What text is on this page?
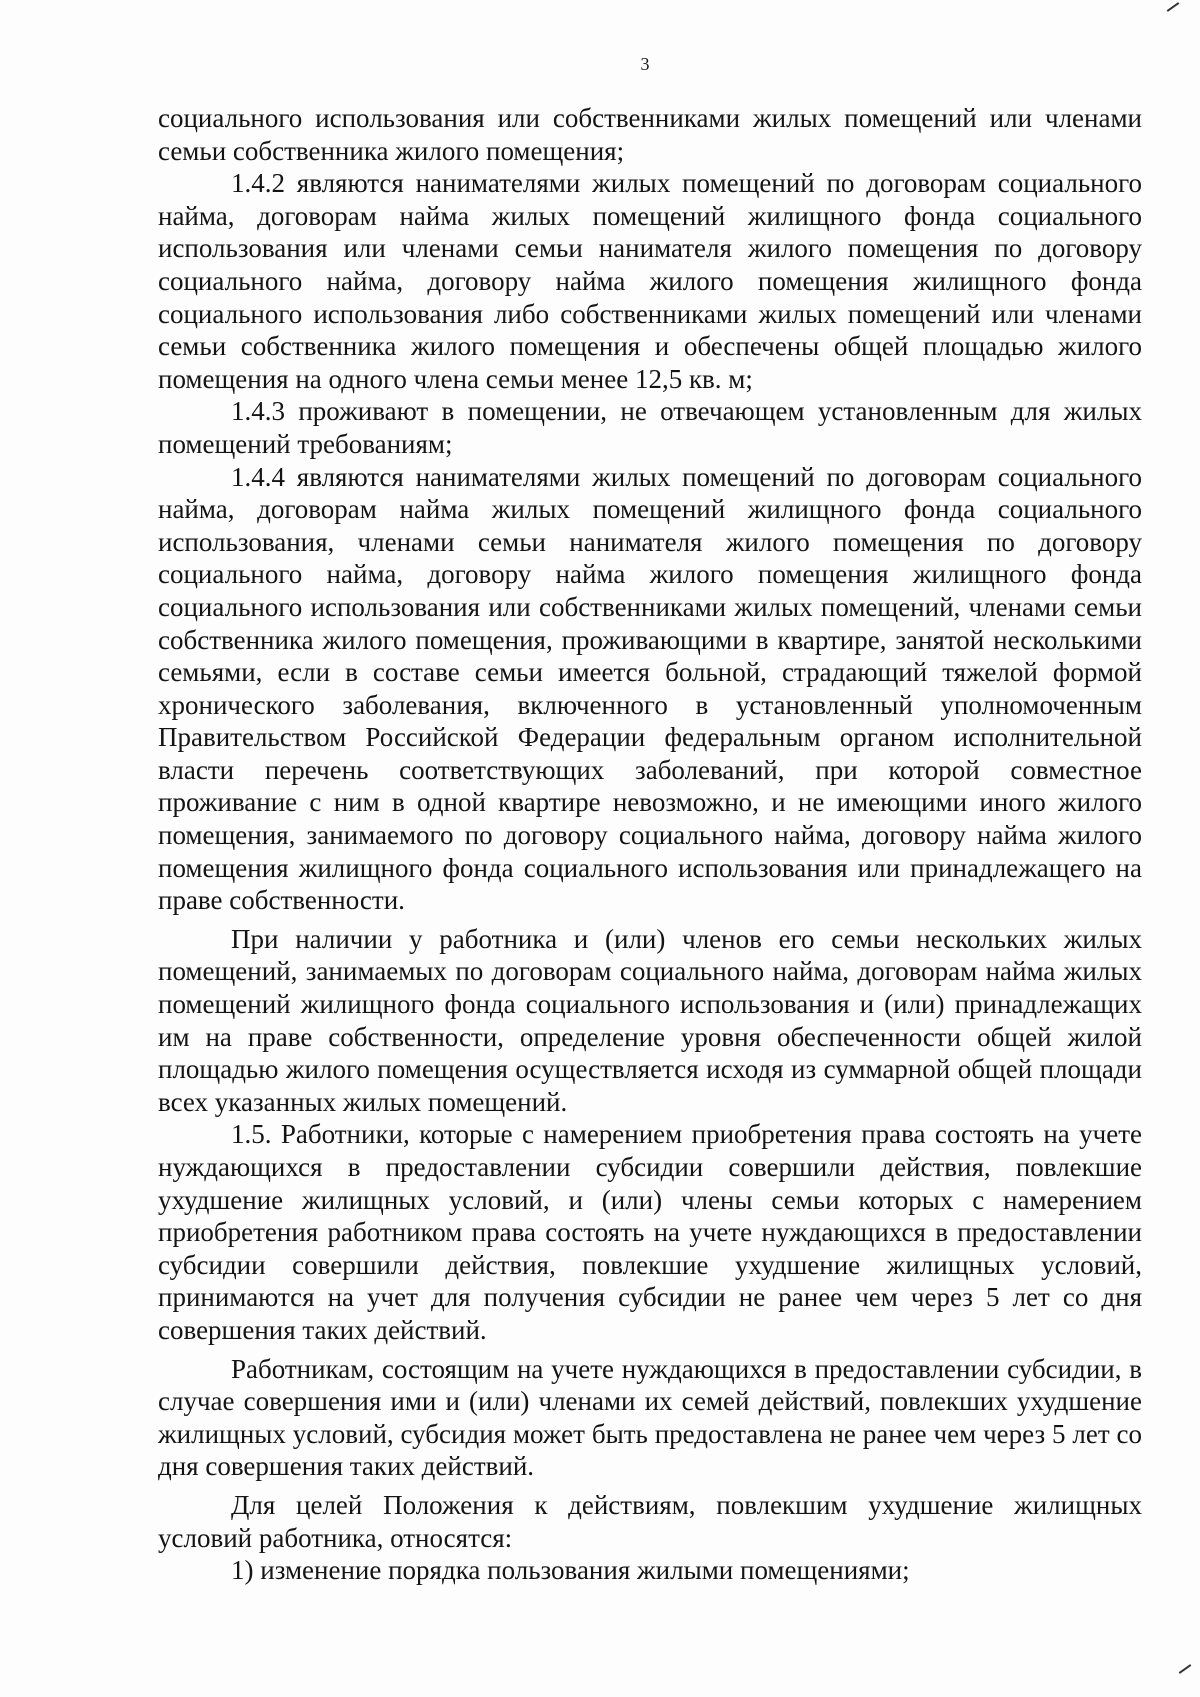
3

социального использования или собственниками жилых помещений или членами семьи собственника жилого помещения;

1.4.2 являются нанимателями жилых помещений по договорам социального найма, договорам найма жилых помещений жилищного фонда социального использования или членами семьи нанимателя жилого помещения по договору социального найма, договору найма жилого помещения жилищного фонда социального использования либо собственниками жилых помещений или членами семьи собственника жилого помещения и обеспечены общей площадью жилого помещения на одного члена семьи менее 12,5 кв. м;

1.4.3 проживают в помещении, не отвечающем установленным для жилых помещений требованиям;

1.4.4 являются нанимателями жилых помещений по договорам социального найма, договорам найма жилых помещений жилищного фонда социального использования, членами семьи нанимателя жилого помещения по договору социального найма, договору найма жилого помещения жилищного фонда социального использования или собственниками жилых помещений, членами семьи собственника жилого помещения, проживающими в квартире, занятой несколькими семьями, если в составе семьи имеется больной, страдающий тяжелой формой хронического заболевания, включенного в установленный уполномоченным Правительством Российской Федерации федеральным органом исполнительной власти перечень соответствующих заболеваний, при которой совместное проживание с ним в одной квартире невозможно, и не имеющими иного жилого помещения, занимаемого по договору социального найма, договору найма жилого помещения жилищного фонда социального использования или принадлежащего на праве собственности.

При наличии у работника и (или) членов его семьи нескольких жилых помещений, занимаемых по договорам социального найма, договорам найма жилых помещений жилищного фонда социального использования и (или) принадлежащих им на праве собственности, определение уровня обеспеченности общей жилой площадью жилого помещения осуществляется исходя из суммарной общей площади всех указанных жилых помещений.

1.5. Работники, которые с намерением приобретения права состоять на учете нуждающихся в предоставлении субсидии совершили действия, повлекшие ухудшение жилищных условий, и (или) члены семьи которых с намерением приобретения работником права состоять на учете нуждающихся в предоставлении субсидии совершили действия, повлекшие ухудшение жилищных условий, принимаются на учет для получения субсидии не ранее чем через 5 лет со дня совершения таких действий.

Работникам, состоящим на учете нуждающихся в предоставлении субсидии, в случае совершения ими и (или) членами их семей действий, повлекших ухудшение жилищных условий, субсидия может быть предоставлена не ранее чем через 5 лет со дня совершения таких действий.

Для целей Положения к действиям, повлекшим ухудшение жилищных условий работника, относятся:

1) изменение порядка пользования жилыми помещениями;
